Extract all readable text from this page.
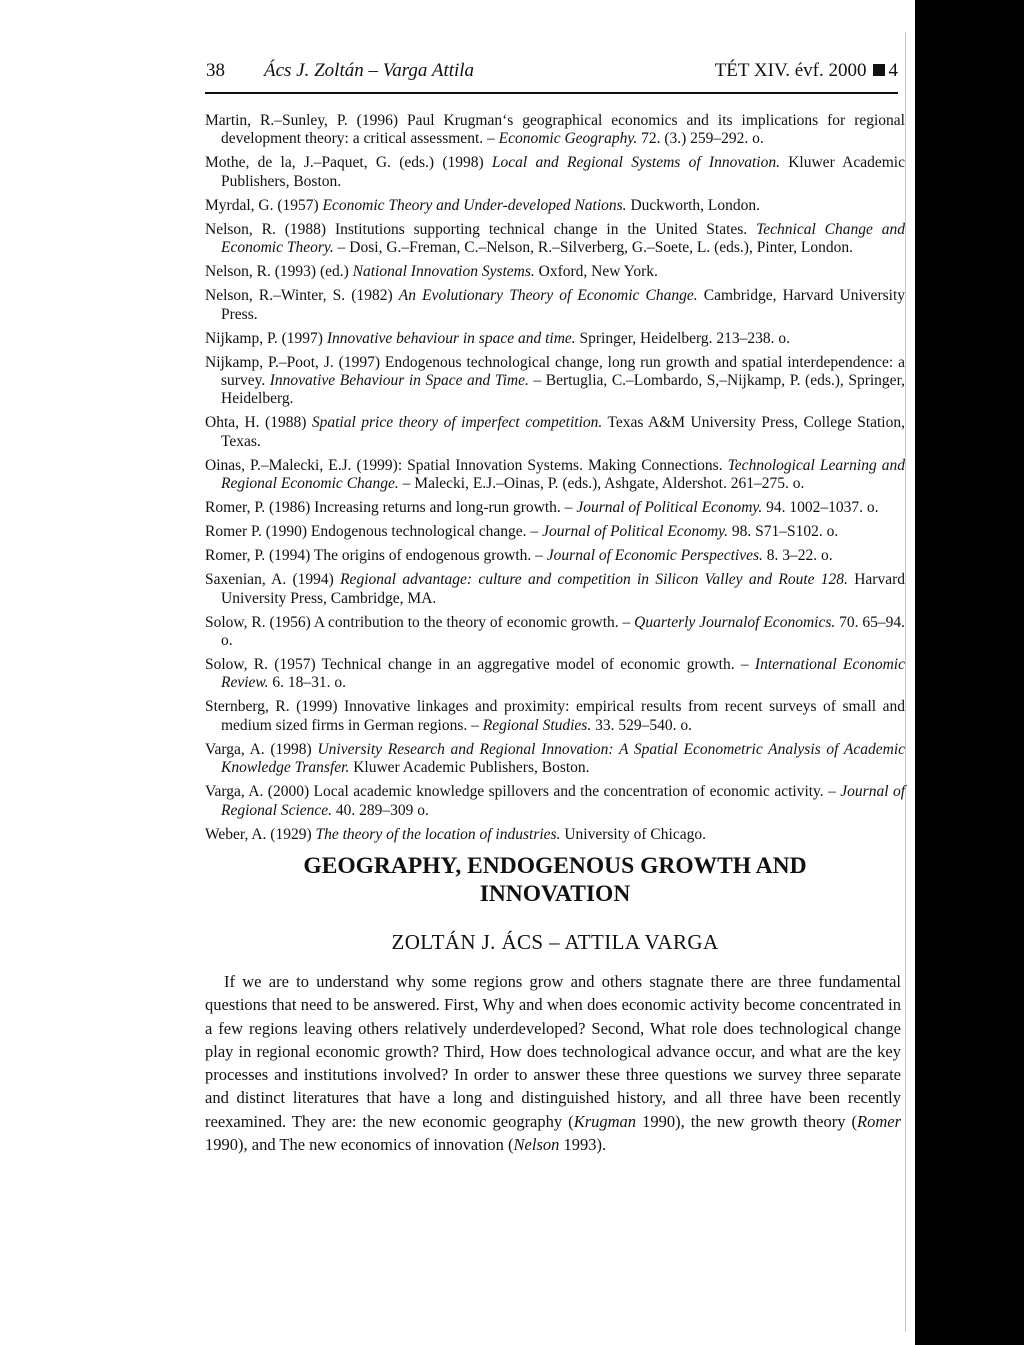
38 Ács J. Zoltán – Varga Attila	TÉT XIV. évf. 2000 4
Martin, R.–Sunley, P. (1996) Paul Krugman‘s geographical economics and its implications for regional development theory: a critical assessment. – Economic Geography. 72. (3.) 259–292. o.
Mothe, de la, J.–Paquet, G. (eds.) (1998) Local and Regional Systems of Innovation. Kluwer Academic Publishers, Boston.
Myrdal, G. (1957) Economic Theory and Under-developed Nations. Duckworth, London.
Nelson, R. (1988) Institutions supporting technical change in the United States. Technical Change and Economic Theory. – Dosi, G.–Freman, C.–Nelson, R.–Silverberg, G.–Soete, L. (eds.), Pinter, London.
Nelson, R. (1993) (ed.) National Innovation Systems. Oxford, New York.
Nelson, R.–Winter, S. (1982) An Evolutionary Theory of Economic Change. Cambridge, Harvard University Press.
Nijkamp, P. (1997) Innovative behaviour in space and time. Springer, Heidelberg. 213–238. o.
Nijkamp, P.–Poot, J. (1997) Endogenous technological change, long run growth and spatial interdependence: a survey. Innovative Behaviour in Space and Time. – Bertuglia, C.–Lombardo, S,–Nijkamp, P. (eds.), Springer, Heidelberg.
Ohta, H. (1988) Spatial price theory of imperfect competition. Texas A&M University Press, College Station, Texas.
Oinas, P.–Malecki, E.J. (1999): Spatial Innovation Systems. Making Connections. Technological Learning and Regional Economic Change. – Malecki, E.J.–Oinas, P. (eds.), Ashgate, Aldershot. 261–275. o.
Romer, P. (1986) Increasing returns and long-run growth. – Journal of Political Economy. 94. 1002–1037. o.
Romer P. (1990) Endogenous technological change. – Journal of Political Economy. 98. S71–S102. o.
Romer, P. (1994) The origins of endogenous growth. – Journal of Economic Perspectives. 8. 3–22. o.
Saxenian, A. (1994) Regional advantage: culture and competition in Silicon Valley and Route 128. Harvard University Press, Cambridge, MA.
Solow, R. (1956) A contribution to the theory of economic growth. – Quarterly Journalof Economics. 70. 65–94. o.
Solow, R. (1957) Technical change in an aggregative model of economic growth. – International Economic Review. 6. 18–31. o.
Sternberg, R. (1999) Innovative linkages and proximity: empirical results from recent surveys of small and medium sized firms in German regions. – Regional Studies. 33. 529–540. o.
Varga, A. (1998) University Research and Regional Innovation: A Spatial Econometric Analysis of Academic Knowledge Transfer. Kluwer Academic Publishers, Boston.
Varga, A. (2000) Local academic knowledge spillovers and the concentration of economic activity. – Journal of Regional Science. 40. 289–309 o.
Weber, A. (1929) The theory of the location of industries. University of Chicago.
GEOGRAPHY, ENDOGENOUS GROWTH AND
INNOVATION
ZOLTÁN J. ÁCS – ATTILA VARGA
If we are to understand why some regions grow and others stagnate there are three fundamental questions that need to be answered. First, Why and when does economic activity become concentrated in a few regions leaving others relatively underdeveloped? Second, What role does technological change play in regional economic growth? Third, How does technological advance occur, and what are the key processes and institutions involved? In order to answer these three questions we survey three separate and distinct literatures that have a long and distinguished history, and all three have been recently reexamined. They are: the new economic geography (Krugman 1990), the new growth theory (Romer 1990), and The new economics of innovation (Nelson 1993).
